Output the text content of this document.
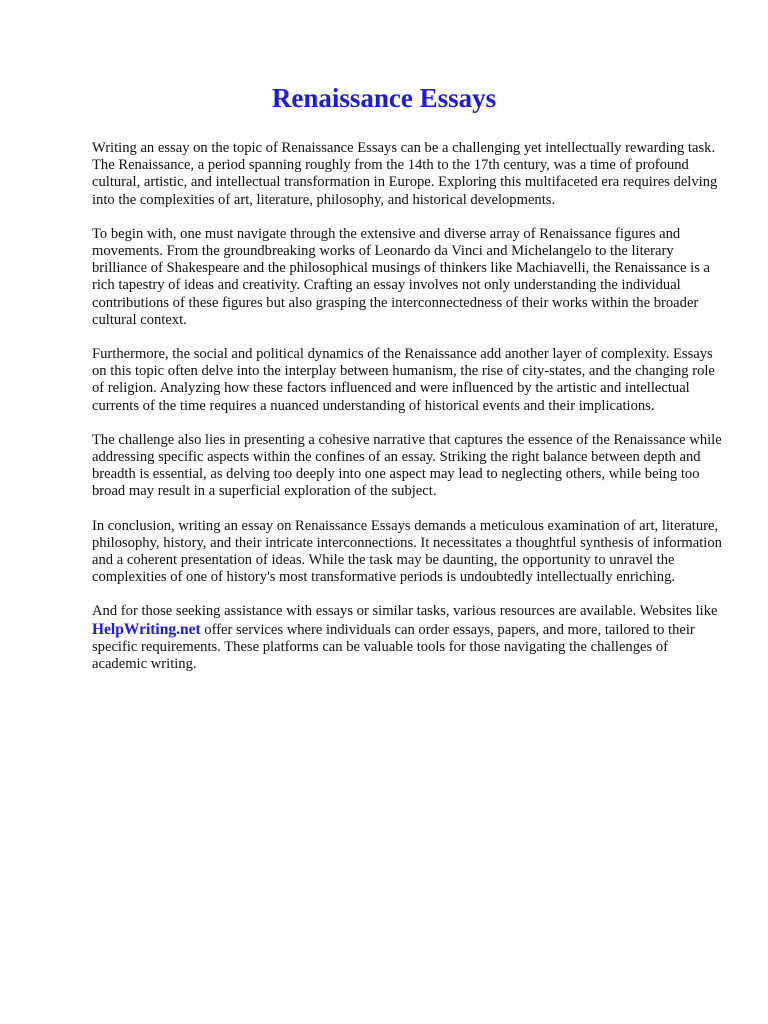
Renaissance Essays

Writing an essay on the topic of Renaissance Essays can be a challenging yet intellectually rewarding task. The Renaissance, a period spanning roughly from the 14th to the 17th century, was a time of profound cultural, artistic, and intellectual transformation in Europe. Exploring this multifaceted era requires delving into the complexities of art, literature, philosophy, and historical developments.

To begin with, one must navigate through the extensive and diverse array of Renaissance figures and movements. From the groundbreaking works of Leonardo da Vinci and Michelangelo to the literary brilliance of Shakespeare and the philosophical musings of thinkers like Machiavelli, the Renaissance is a rich tapestry of ideas and creativity. Crafting an essay involves not only understanding the individual contributions of these figures but also grasping the interconnectedness of their works within the broader cultural context.

Furthermore, the social and political dynamics of the Renaissance add another layer of complexity. Essays on this topic often delve into the interplay between humanism, the rise of city-states, and the changing role of religion. Analyzing how these factors influenced and were influenced by the artistic and intellectual currents of the time requires a nuanced understanding of historical events and their implications.

The challenge also lies in presenting a cohesive narrative that captures the essence of the Renaissance while addressing specific aspects within the confines of an essay. Striking the right balance between depth and breadth is essential, as delving too deeply into one aspect may lead to neglecting others, while being too broad may result in a superficial exploration of the subject.

In conclusion, writing an essay on Renaissance Essays demands a meticulous examination of art, literature, philosophy, history, and their intricate interconnections. It necessitates a thoughtful synthesis of information and a coherent presentation of ideas. While the task may be daunting, the opportunity to unravel the complexities of one of history's most transformative periods is undoubtedly intellectually enriching.

And for those seeking assistance with essays or similar tasks, various resources are available. Websites like HelpWriting.net offer services where individuals can order essays, papers, and more, tailored to their specific requirements. These platforms can be valuable tools for those navigating the challenges of academic writing.
